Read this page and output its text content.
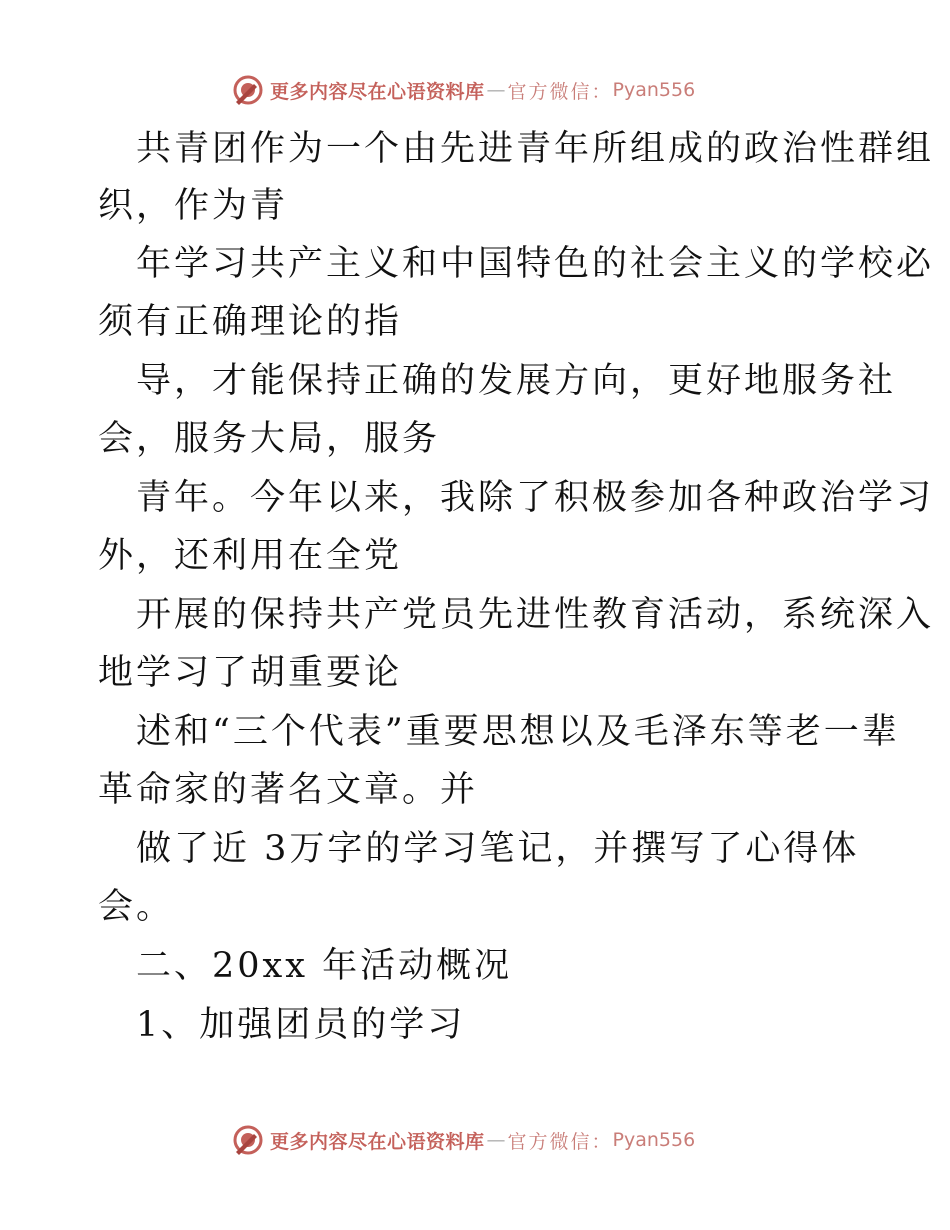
更多内容尽在心语资料库 — 官方微信： Pyan556
共青团作为一个由先进青年所组成的政治性群组
织，作为青
年学习共产主义和中国特色的社会主义的学校必
须有正确理论的指
导，才能保持正确的发展方向，更好地服务社
会，服务大局，服务
青年。今年以来，我除了积极参加各种政治学习
外，还利用在全党
开展的保持共产党员先进性教育活动，系统深入
地学习了胡重要论
述和“三个代表”重要思想以及毛泽东等老一辈
革命家的著名文章。并
做了近 3万字的学习笔记，并撰写了心得体
会。
二、20xx 年活动概况
1、加强团员的学习
更多内容尽在心语资料库 — 官方微信： Pyan556
